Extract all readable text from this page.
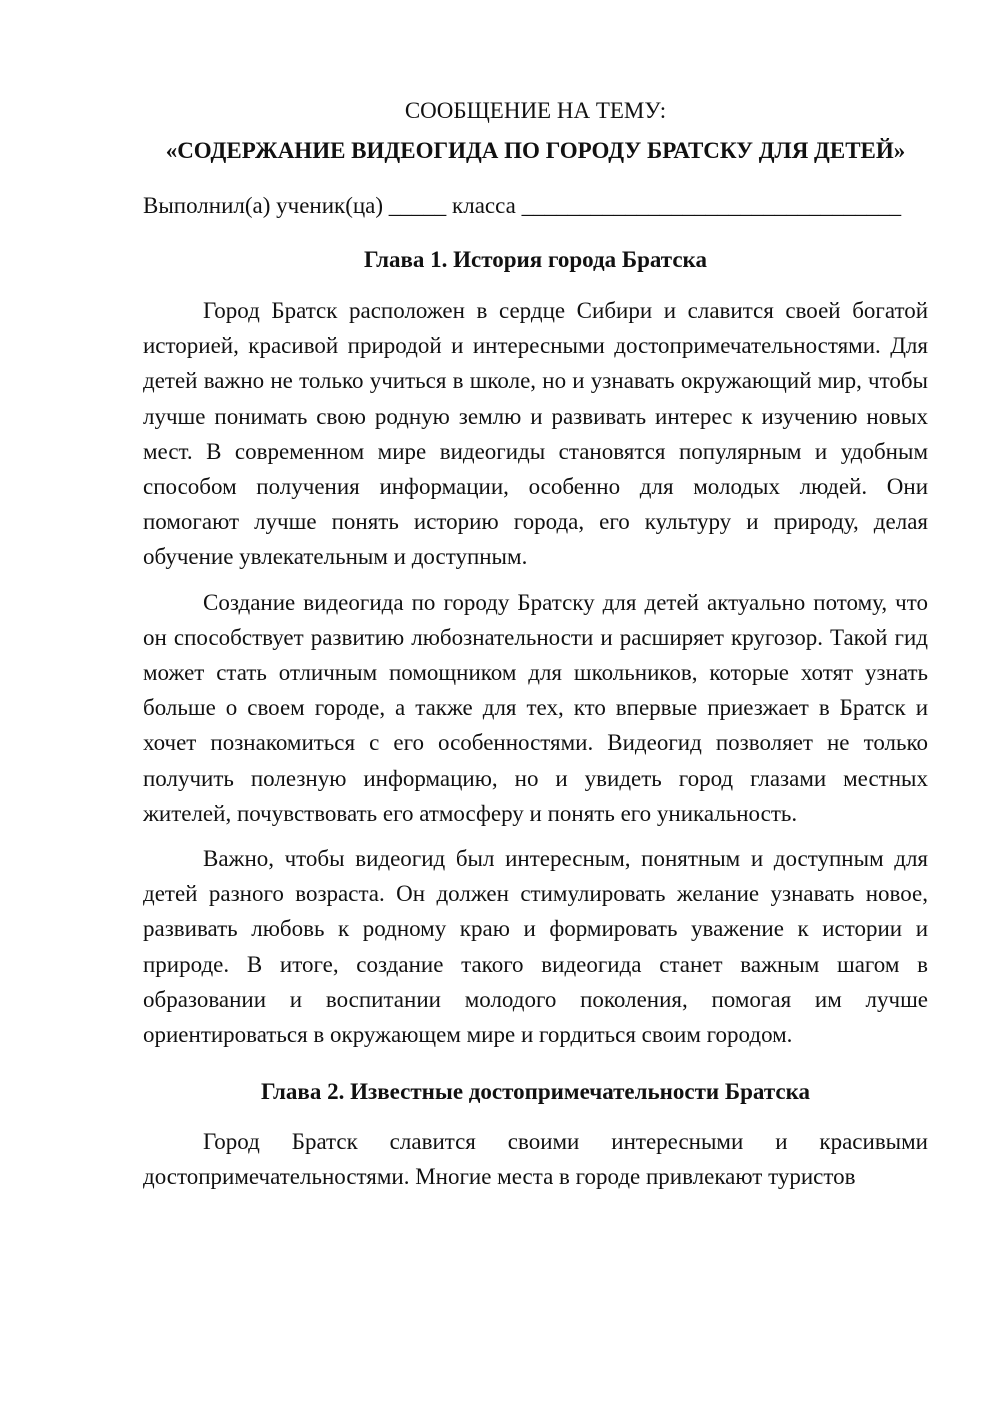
СООБЩЕНИЕ НА ТЕМУ:
«СОДЕРЖАНИЕ ВИДЕОГИДА ПО ГОРОДУ БРАТСКУ ДЛЯ ДЕТЕЙ»
Выполнил(а) ученик(ца) _____ класса _________________________________
Глава 1. История города Братска

Город Братск расположен в сердце Сибири и славится своей богатой историей, красивой природой и интересными достопримечательностями. Для детей важно не только учиться в школе, но и узнавать окружающий мир, чтобы лучше понимать свою родную землю и развивать интерес к изучению новых мест. В современном мире видеогиды становятся популярным и удобным способом получения информации, особенно для молодых людей. Они помогают лучше понять историю города, его культуру и природу, делая обучение увлекательным и доступным.

Создание видеогида по городу Братску для детей актуально потому, что он способствует развитию любознательности и расширяет кругозор. Такой гид может стать отличным помощником для школьников, которые хотят узнать больше о своем городе, а также для тех, кто впервые приезжает в Братск и хочет познакомиться с его особенностями. Видеогид позволяет не только получить полезную информацию, но и увидеть город глазами местных жителей, почувствовать его атмосферу и понять его уникальность.

Важно, чтобы видеогид был интересным, понятным и доступным для детей разного возраста. Он должен стимулировать желание узнавать новое, развивать любовь к родному краю и формировать уважение к истории и природе. В итоге, создание такого видеогида станет важным шагом в образовании и воспитании молодого поколения, помогая им лучше ориентироваться в окружающем мире и гордиться своим городом.

Глава 2. Известные достопримечательности Братска

Город Братск славится своими интересными и красивыми достопримечательностями. Многие места в городе привлекают туристов
